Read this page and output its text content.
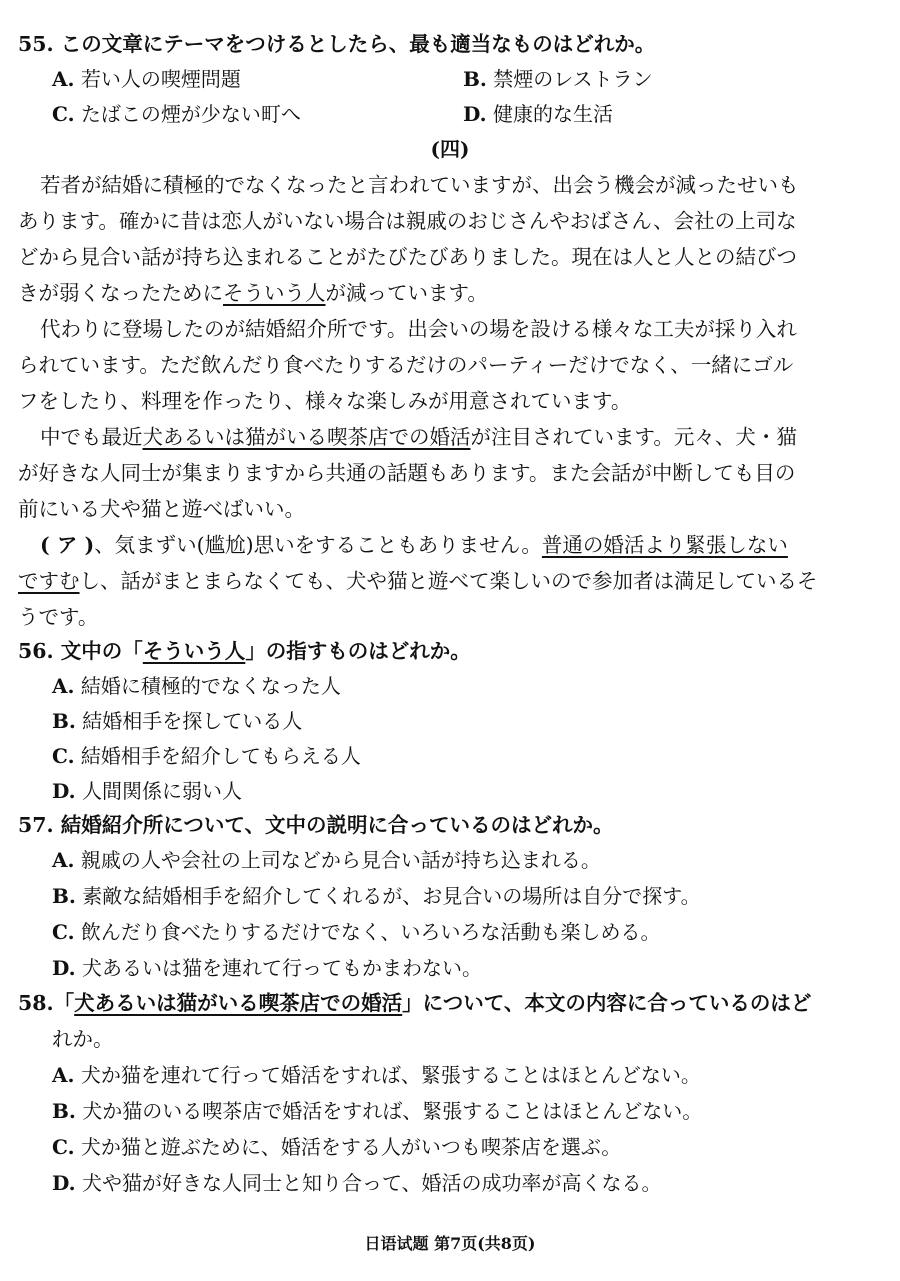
55. この文章にテーマをつけるとしたら、最も適当なものはどれか。
A. 若い人の喫煙問題	B. 禁煙のレストラン
C. たばこの煙が少ない町へ	D. 健康的な生活
(四)
若者が結婚に積極的でなくなったと言われていますが、出会う機会が減ったせいも
あります。確かに昔は恋人がいない場合は親戚のおじさんやおばさん、会社の上司な
どから見合い話が持ち込まれることがたびたびありました。現在は人と人との結びつ
きが弱くなったためにそういう人が減っています。
代わりに登場したのが結婚紹介所です。出会いの場を設ける様々な工夫が採り入れ
られています。ただ飲んだり食べたりするだけのパーティーだけでなく、一緒にゴル
フをしたり、料理を作ったり、様々な楽しみが用意されています。
中でも最近犬あるいは猫がいる喫茶店での婚活が注目されています。元々、犬・猫
が好きな人同士が集まりますから共通の話題もあります。また会話が中断しても目の
前にいる犬や猫と遊べばいい。
( ア )、気まずい(尴尬)思いをすることもありません。普通の婚活より緊張しない
ですむし、話がまとまらなくても、犬や猫と遊べて楽しいので参加者は満足しているそ
うです。
56. 文中の「そういう人」の指すものはどれか。
A. 結婚に積極的でなくなった人
B. 結婚相手を探している人
C. 結婚相手を紹介してもらえる人
D. 人間関係に弱い人
57. 結婚紹介所について、文中の説明に合っているのはどれか。
A. 親戚の人や会社の上司などから見合い話が持ち込まれる。
B. 素敵な結婚相手を紹介してくれるが、お見合いの場所は自分で探す。
C. 飲んだり食べたりするだけでなく、いろいろな活動も楽しめる。
D. 犬あるいは猫を連れて行ってもかまわない。
58.「犬あるいは猫がいる喫茶店での婚活」について、本文の内容に合っているのはど
れか。
A. 犬か猫を連れて行って婚活をすれば、緊張することはほとんどない。
B. 犬か猫のいる喫茶店で婚活をすれば、緊張することはほとんどない。
C. 犬か猫と遊ぶために、婚活をする人がいつも喫茶店を選ぶ。
D. 犬や猫が好きな人同士と知り合って、婚活の成功率が高くなる。
日语试题 第7页(共8页)
